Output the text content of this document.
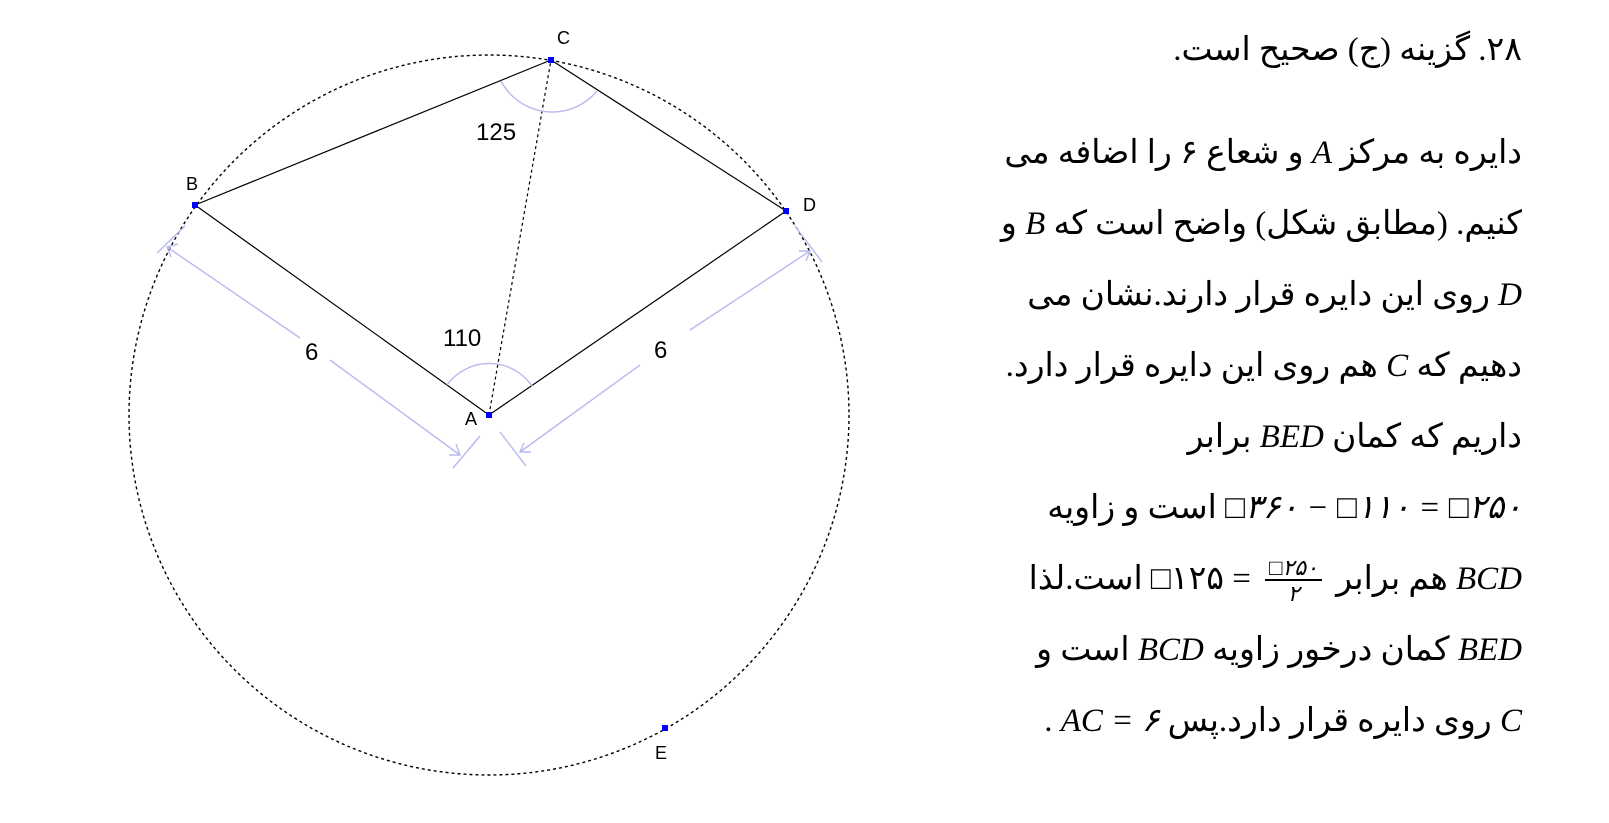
A
B
C
D
E
125
110
6	6
۲۸. گزینه (ج) صحیح است.
دایره به مرکز A و شعاع ۶ را اضافه می
کنیم. (مطابق شکل) واضح است که B و
D روی این دایره قرار دارند.نشان می
دهیم که C هم روی این دایره قرار دارد.
داریم که کمان BED برابر
۲۵۰□ = ۱۱۰□ − ۳۶۰□ است و زاویه
BCD هم برابر
$\frac{۲۵۰□}{۲}$
= ۱۲۵□ است.لذا
BED کمان درخور زاویه BCD است و
C روی دایره قرار دارد.پس AC = ۶ .
